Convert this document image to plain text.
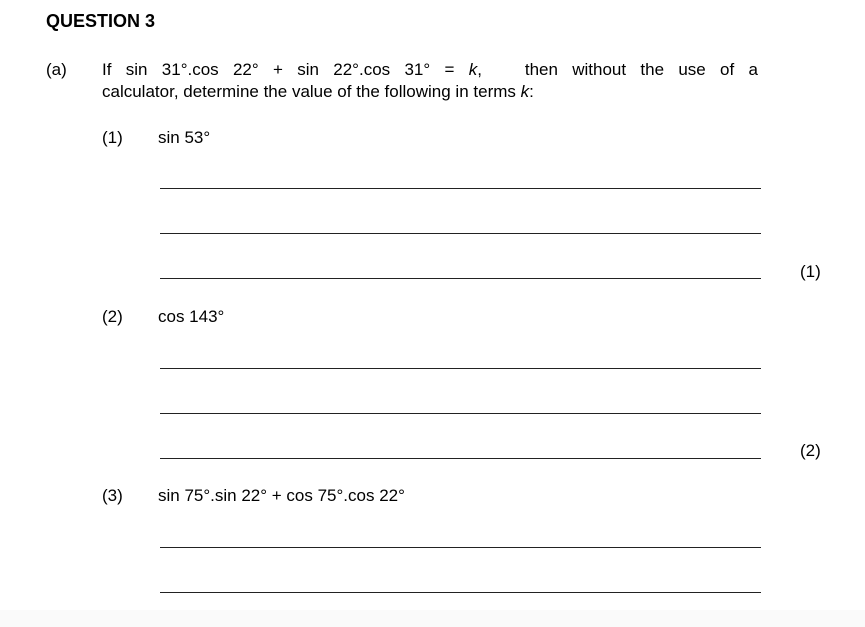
QUESTION 3
(a) If sin 31°.cos 22° + sin 22°.cos 31° = k,   then without the use of a
calculator, determine the value of the following in terms k:
(1) sin 53°
(1)
(2) cos 143°
(2)
(3) sin 75°.sin 22° + cos 75°.cos 22°
